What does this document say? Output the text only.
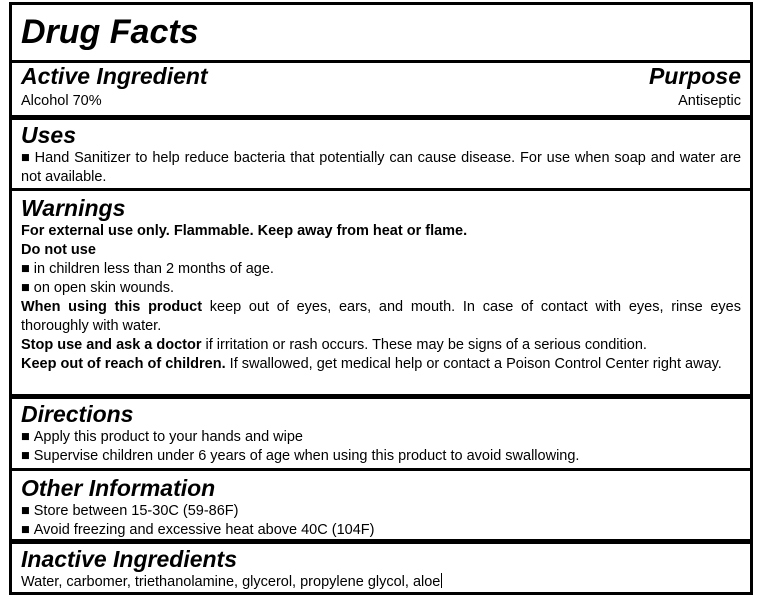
Drug Facts
Active Ingredient	Purpose
Alcohol 70%	Antiseptic
Uses
■ Hand Sanitizer to help reduce bacteria that potentially can cause disease. For use when soap and water are not available.
Warnings
For external use only. Flammable. Keep away from heat or flame.
Do not use
■ in children less than 2 months of age.
■ on open skin wounds.
When using this product keep out of eyes, ears, and mouth. In case of contact with eyes, rinse eyes thoroughly with water.
Stop use and ask a doctor if irritation or rash occurs. These may be signs of a serious condition.
Keep out of reach of children. If swallowed, get medical help or contact a Poison Control Center right away.
Directions
■ Apply this product to your hands and wipe
■ Supervise children under 6 years of age when using this product to avoid swallowing.
Other Information
■ Store between 15-30C (59-86F)
■ Avoid freezing and excessive heat above 40C (104F)
Inactive Ingredients
Water, carbomer, triethanolamine, glycerol, propylene glycol, aloe
